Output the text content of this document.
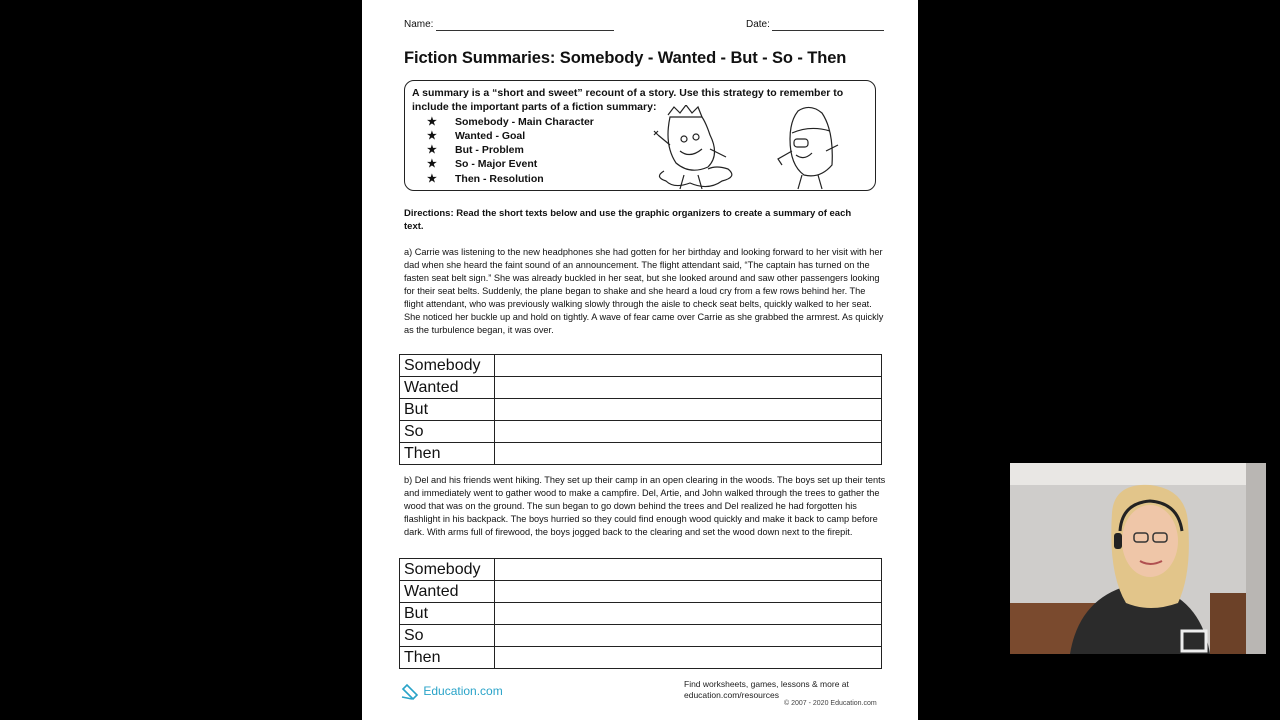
Name:	Date:
Fiction Summaries: Somebody - Wanted - But - So - Then
A summary is a “short and sweet” recount of a story. Use this strategy to remember to include the important parts of a fiction summary:
★ Somebody - Main Character
★ Wanted - Goal
★ But - Problem
★ So - Major Event
★ Then - Resolution
Directions: Read the short texts below and use the graphic organizers to create a summary of each text.
a) Carrie was listening to the new headphones she had gotten for her birthday and looking forward to her visit with her dad when she heard the faint sound of an announcement. The flight attendant said, “The captain has turned on the fasten seat belt sign.” She was already buckled in her seat, but she looked around and saw other passengers looking for their seat belts. Suddenly, the plane began to shake and she heard a loud cry from a few rows behind her. The flight attendant, who was previously walking slowly through the aisle to check seat belts, quickly walked to her seat. She noticed her buckle up and hold on tightly. A wave of fear came over Carrie as she grabbed the armrest. As quickly as the turbulence began, it was over.
Somebody	
Wanted	
But	
So	
Then	
b) Del and his friends went hiking. They set up their camp in an open clearing in the woods. The boys set up their tents and immediately went to gather wood to make a campfire. Del, Artie, and John walked through the trees to gather the wood that was on the ground. The sun began to go down behind the trees and Del realized he had forgotten his flashlight in his backpack. The boys hurried so they could find enough wood quickly and make it back to camp before dark. With arms full of firewood, the boys jogged back to the clearing and set the wood down next to the firepit.
Somebody	
Wanted	
But	
So	
Then	
Education.com
Find worksheets, games, lessons & more at education.com/resources
© 2007 - 2020 Education.com
